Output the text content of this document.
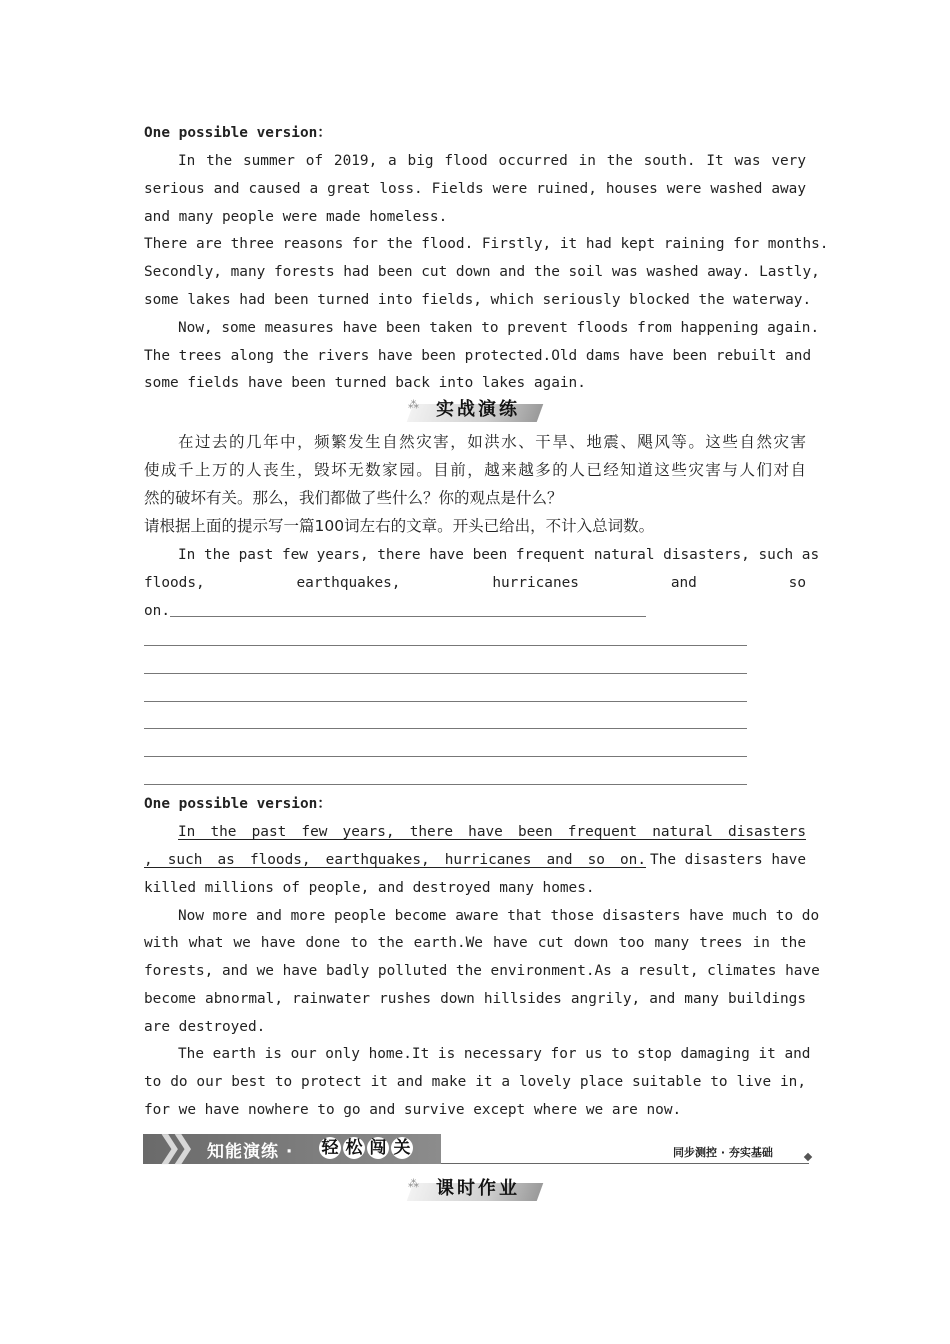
One possible version：
In the summer of 2019, a big flood occurred in the south. It was very
serious and caused a great loss. Fields were ruined, houses were washed away
and many people were made homeless.
There are three reasons for the flood. Firstly, it had kept raining for months.
Secondly, many forests had been cut down and the soil was washed away. Lastly,
some lakes had been turned into fields, which seriously blocked the waterway.
Now, some measures have been taken to prevent floods from happening again.
The trees along the rivers have been protected.Old dams have been rebuilt and
some fields have been turned back into lakes again.
⁂ 实战演练
在过去的几年中，频繁发生自然灾害，如洪水、干旱、地震、飓风等。这些自然灾害
使成千上万的人丧生，毁坏无数家园。目前，越来越多的人已经知道这些灾害与人们对自
然的破坏有关。那么，我们都做了些什么？你的观点是什么？
请根据上面的提示写一篇100词左右的文章。开头已给出，不计入总词数。
In the past few years, there have been frequent natural disasters, such as
floods, earthquakes, hurricanes and so
on.
One possible version：
In the past few years, there have been frequent natural disasters
, such as floods, earthquakes, hurricanes and so on. The disasters have
killed millions of people, and destroyed many homes.
Now more and more people become aware that those disasters have much to do
with what we have done to the earth.We have cut down too many trees in the
forests, and we have badly polluted the environment.As a result, climates have
become abnormal, rainwater rushes down hillsides angrily, and many buildings
are destroyed.
The earth is our only home.It is necessary for us to stop damaging it and
to do our best to protect it and make it a lovely place suitable to live in,
for we have nowhere to go and survive except where we are now.
❯❯ 知能演练 · 轻 松 闯 关	同步测控 · 夯实基础
⁂ 课时作业
